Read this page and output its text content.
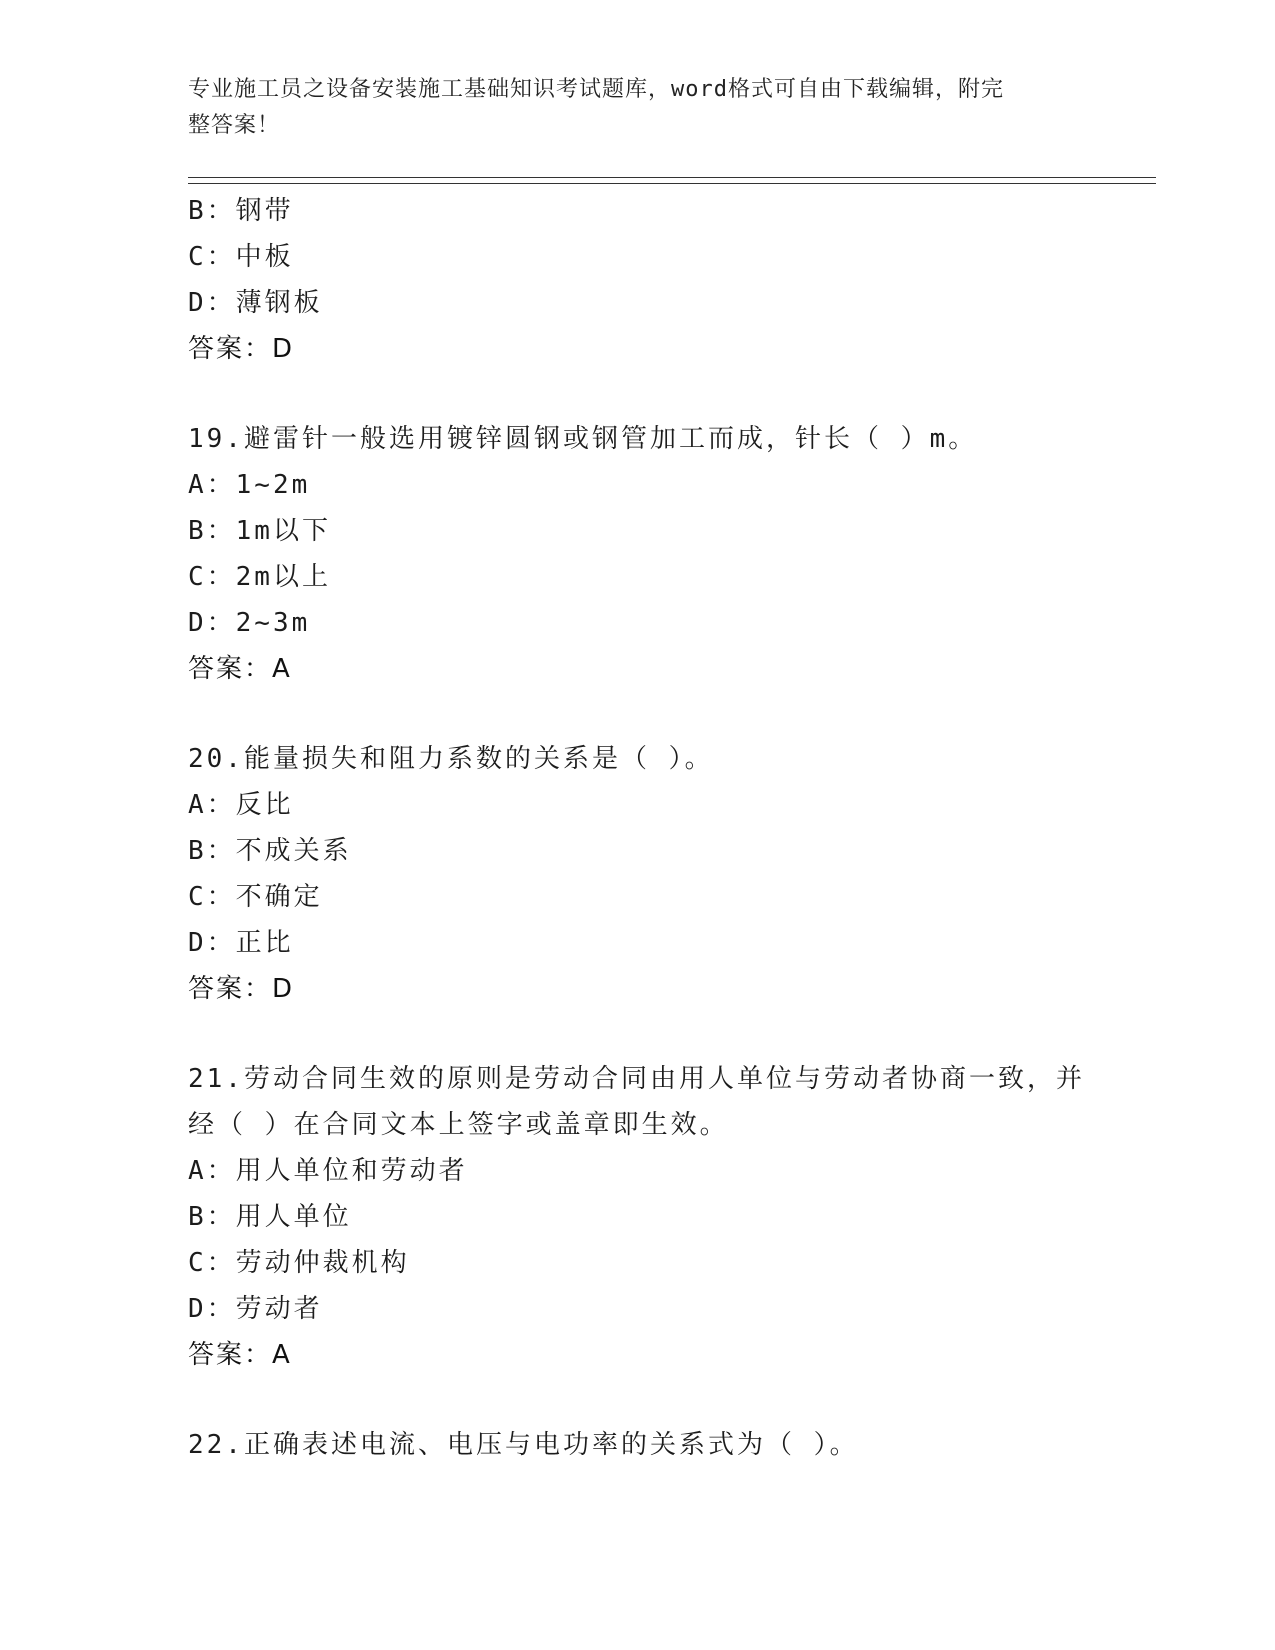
专业施工员之设备安装施工基础知识考试题库，word格式可自由下载编辑，附完
整答案！
B：钢带
C：中板
D：薄钢板
答案：D
19.避雷针一般选用镀锌圆钢或钢管加工而成，针长（ ）m。
A：1~2m
B：1m以下
C：2m以上
D：2~3m
答案：A
20.能量损失和阻力系数的关系是（ ）。
A：反比
B：不成关系
C：不确定
D：正比
答案：D
21.劳动合同生效的原则是劳动合同由用人单位与劳动者协商一致，并
经（ ）在合同文本上签字或盖章即生效。
A：用人单位和劳动者
B：用人单位
C：劳动仲裁机构
D：劳动者
答案：A
22.正确表述电流、电压与电功率的关系式为（ ）。
